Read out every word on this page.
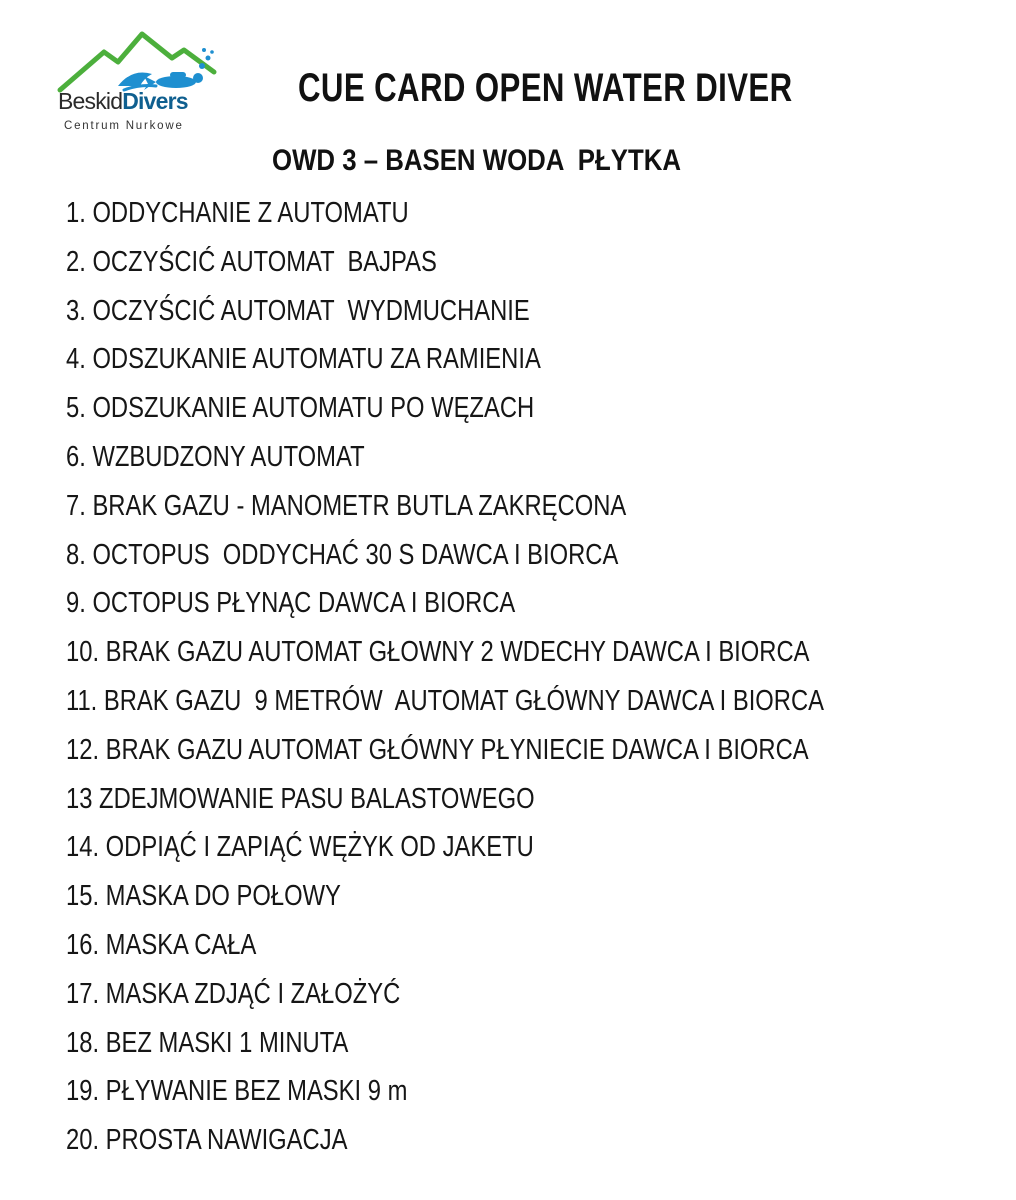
BeskidDivers
Centrum Nurkowe
CUE CARD OPEN WATER DIVER
OWD 3 – BASEN WODA  PŁYTKA
1. ODDYCHANIE Z AUTOMATU
2. OCZYŚCIĆ AUTOMAT  BAJPAS
3. OCZYŚCIĆ AUTOMAT  WYDMUCHANIE
4. ODSZUKANIE AUTOMATU ZA RAMIENIA
5. ODSZUKANIE AUTOMATU PO WĘZACH
6. WZBUDZONY AUTOMAT
7. BRAK GAZU - MANOMETR BUTLA ZAKRĘCONA
8. OCTOPUS  ODDYCHAĆ 30 S DAWCA I BIORCA
9. OCTOPUS PŁYNĄC DAWCA I BIORCA
10. BRAK GAZU AUTOMAT GŁOWNY 2 WDECHY DAWCA I BIORCA
11. BRAK GAZU  9 METRÓW  AUTOMAT GŁÓWNY DAWCA I BIORCA
12. BRAK GAZU AUTOMAT GŁÓWNY PŁYNIECIE DAWCA I BIORCA
13 ZDEJMOWANIE PASU BALASTOWEGO
14. ODPIĄĆ I ZAPIĄĆ WĘŻYK OD JAKETU
15. MASKA DO POŁOWY
16. MASKA CAŁA
17. MASKA ZDJĄĆ I ZAŁOŻYĆ
18. BEZ MASKI 1 MINUTA
19. PŁYWANIE BEZ MASKI 9 m
20. PROSTA NAWIGACJA
